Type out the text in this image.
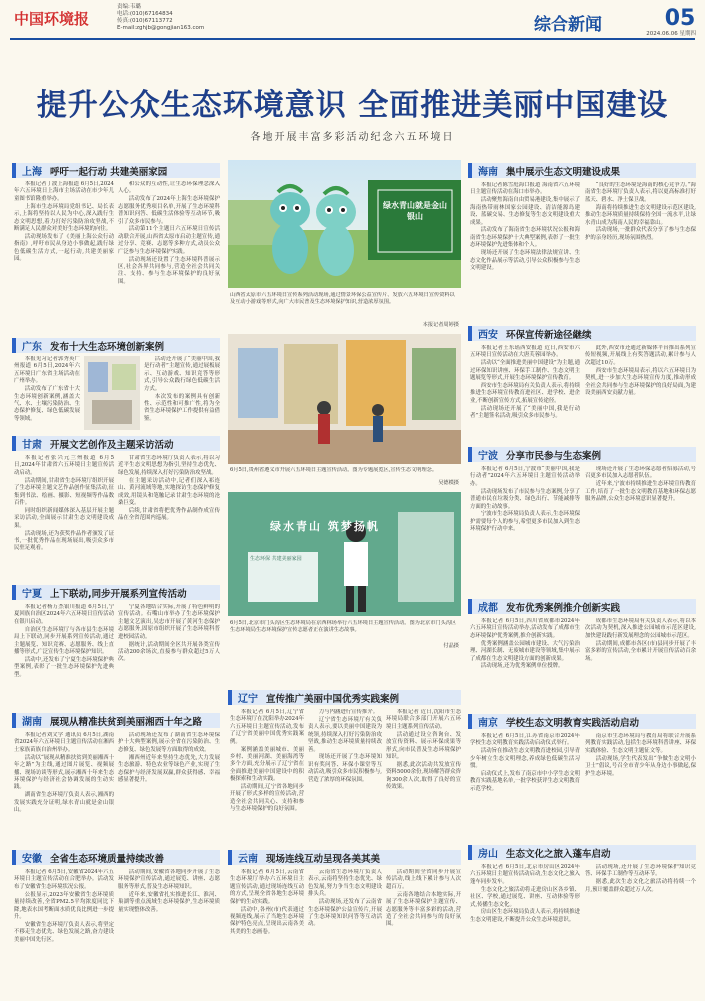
中国环境报
责编:韦璐
电话:(010)67164834
传真:(010)67113772
E-mail:zghjb@gongjian163.com	综合新闻	05
2024.06.06 星期四
提升公众生态环境意识 全面推进美丽中国建设
各地开展丰富多彩活动纪念六五环境日
上海 呼吁一起行动 共建美丽家园

本报记者丁波上海报道 6月5日,2024年六五环境日上海市主场活动在市少年儿童图书馆隆重举办。

上海市生态环境局党组书记、局长表示,上海将坚持以人民为中心,深入践行生态文明思想,着力打好污染防治攻坚战,不断满足人民群众对美好生态环境的向往。

活动现场发布了《美丽上海公众行动指南》,呼吁市民从身边小事做起,践行绿色低碳生活方式,一起行动,共建美丽家园。

和公众的互动性,让生态环保理念深入人心。

活动发布了2024年上海生态环境保护志愿服务优秀项目名单,开展了生态环境科普知识问答、低碳生活体验等互动环节,吸引了众多市民参与。

活动第11个主题日六五环境日宣传活动联合开展,山西省太原市启动主题宣传,通过分享、竞赛、志愿等多种方式,动员公众广泛参与生态环境保护实践。

活动现场还设置了生态环境科普展示区,社会各界共同参与,营造全社会共同关注、支持、参与生态环境保护的良好氛围。

广东 发布十大生态环境创新案例

本报见习记者郭秀英广州报道 6月5日,2024年六五环境日广东省主场活动在广州举办。

活动发布了广东省十大生态环境创新案例,涵盖大气、水、土壤污染防治、生态保护修复、绿色低碳发展等领域。

活动还开展了“美丽中国,我是行动者”主题宣传,通过展板展示、互动游戏、知识竞答等形式,引导公众践行绿色低碳生活方式。

本次发布的案例具有创新性、示范性和可推广性,将为全省生态环境保护工作提供有益借鉴。

甘肃 开展文艺创作及主题采访活动

本报记者张兴元兰州报道 6月5日,2024年甘肃省六五环境日主题宣传活动启动。

活动期间,甘肃省生态环境厅组织开展了生态环境主题文艺作品创作征集活动,征集到书法、绘画、摄影、短视频等作品数百件。

同时组织新闻媒体深入基层开展主题采访活动,全面展示甘肃生态文明建设成果。

活动现场,还为获奖作品作者颁发了证书,一批优秀作品在现场展出,吸引众多市民驻足观看。

甘肃省生态环境厅负责人表示,将以习近平生态文明思想为指引,坚持生态优先、绿色发展,持续深入打好污染防治攻坚战。

在主题采访活动中,记者们深入祁连山、黄河流域等地,实地探访生态保护修复成效,用镜头和笔触记录甘肃生态环境的沧桑巨变。

后续,甘肃省将把优秀作品制作成宣传品在全省范围内巡展。

宁夏 上下联动,同步开展系列宣传活动

本报记者杨万杰银川报道 6月5日,宁夏回族自治区2024年六五环境日宣传活动在银川启动。

自治区生态环境厅与各市县生态环境局上下联动,同步开展系列宣传活动,通过主题展览、知识竞赛、志愿服务、线上直播等形式,广泛宣传生态环境保护知识。

活动中,还发布了宁夏生态环境保护典型案例,表彰了一批生态环境保护先进典型。

宁夏各地结合实际,开展了特色鲜明的宣传活动。石嘴山市举办了生态环境保护主题文艺演出,吴忠市开展了黄河生态保护志愿服务,固原市组织开展了生态环境科普进校园活动。

据统计,活动期间全区共开展各类宣传活动200余场次,直接参与群众超过5万人次。

湖南 展现从精准扶贫到美丽湘西十年之路

本报记者刘文学 通讯员 6月5日,湖南省2024年六五环境日主题宣传活动在湘西土家族苗族自治州举办。

活动以“展现从精准扶贫到美丽湘西十年之路”为主线,通过图片展览、视频展播、现场访谈等形式,展示湘西十年来生态环境保护与经济社会协调发展的生动实践。

湖南省生态环境厅负责人表示,湘西的发展实践充分证明,绿水青山就是金山银山。

活动现场还发布了湖南省生态环境保护十大典型案例,展示全省在污染防治、生态修复、绿色发展等方面取得的成效。

湘西州近年来坚持生态优先,大力发展生态旅游、特色农业等绿色产业,实现了生态保护与经济发展双赢,群众获得感、幸福感显著提升。

安徽 全省生态环境质量持续改善

本报记者 6月5日,安徽省2024年六五环境日主题宣传活动在合肥举办。活动发布了安徽省生态环境状况公报。

公报显示,2023年安徽省生态环境质量持续改善,全省PM2.5平均浓度同比下降,地表水国考断面水质优良比例进一步提升。

安徽省生态环境厅负责人表示,将坚定不移走生态优先、绿色发展之路,奋力建设美丽中国先行区。

活动期间,安徽省各地同步开展了生态环境保护宣传活动,通过展览、讲座、志愿服务等形式,普及生态环境知识。

近年来,安徽省扎实推进长江、淮河、巢湖等重点流域生态环境保护,生态环境质量实现整体改善。

绿水青山就是金山银山
山西省太原市六五环境日宣传系列活动现场,通过情景环保公益宣传片、发放六五环境日宣传资料以及互动小游戏等形式,向广大市民普及生态环境保护知识,营造浓厚氛围。
本报记者周婷摄
6月5日,贵州省遵义市开展六五环境日主题宣传活动。图为专题展览区,宣传生态文明理念。
吴德模摄
绿水青山 筑梦扬帆
生态环保 共建美丽家园
6月5日,北京市门头沟区生态环境局在京西林场举行六五环境日主题宣传活动。图为北京市门头沟区生态环境局生态环境保护宣传志愿者正在演讲生态故事。
付晶摄
辽宁 宣传推广美丽中国优秀实践案例

本报记者 6月5日,辽宁省生态环境厅在沈阳举办2024年六五环境日主题宣传活动,发布了辽宁省美丽中国优秀实践案例。

案例涵盖美丽城市、美丽乡村、美丽河湖、美丽海湾等多个方面,充分展示了辽宁省在全面推进美丽中国建设中的积极探索和生动实践。

活动期间,辽宁省各地同步开展了形式多样的宣传活动,营造全社会共同关心、支持和参与生态环境保护的良好氛围。

力与内涵进行宣传推介。

辽宁省生态环境厅有关负责人表示,要以美丽中国建设为统领,持续深入打好污染防治攻坚战,推动生态环境质量持续改善。

现场还开展了生态环境知识有奖问答、环保小课堂等互动活动,吸引众多市民积极参与,营造了浓厚的环保氛围。

本报记者 近日,沈阳市生态环境局联合多部门开展六五环境日主题系列宣传活动。

活动通过设立咨询台、发放宣传资料、展示环保成果等形式,向市民普及生态环境保护知识。

据悉,此次活动共发放宣传资料5000余份,现场解答群众咨询300余人次,取得了良好的宣传效果。

云南 现场连线互动呈现各美其美

本报记者 6月5日,云南省生态环境厅举办六五环境日主题宣传活动,通过现场连线互动的方式,呈现全省各地生态环境保护的生动实践。

活动中,各州(市)代表通过视频连线,展示了当地生态环境保护特色亮点,呈现出云南各美其美的生态画卷。

云南省生态环境厅负责人表示,云南将坚持生态优先、绿色发展,努力争当生态文明建设排头兵。

活动现场,还发布了云南省生态环境保护公益宣传片,开展了生态环境知识问答等互动活动。

活动期间全省同步开展宣传活动,线上线下累计参与人次超百万。

云南各地结合本地实际,开展了生态环境保护主题宣传、志愿服务等丰富多彩的活动,营造了全社会共同参与的良好氛围。

海南 集中展示生态文明建设成果

本报记者陈雪庭海口报道 海南省六五环境日主题宣传活动在海口市举办。

活动聚焦海南自由贸易港建设,集中展示了海南热带雨林国家公园建设、清洁能源岛建设、蓝碳交易、生态修复等生态文明建设重大成果。

活动发布了海南省生态环境状况公报和海南省生态环境保护十大典型案例,表彰了一批生态环境保护先进集体和个人。

现场还开展了生态环境法律法规宣讲、生态文化作品展示等活动,引导公众积极参与生态文明建设。

“良好的生态环境是海南的核心竞争力。”海南省生态环境厅负责人表示,将以更高标准打好蓝天、碧水、净土保卫战。

海南将持续推进生态文明建设示范区建设,推动生态环境质量持续保持全国一流水平,让绿水青山成为海南人民的幸福靠山。

活动现场,一批群众代表分享了参与生态保护的亲身经历,现场氛围热烈。

西安 环保宣传新途径継续

本报记者王东瑶西安报道 近日,西安市六五环境日宣传活动在大唐芙蓉园举办。

活动以“全面推进美丽中国建设”为主题,通过环保知识讲座、环保手工制作、生态文明主题展览等形式,开展生态环境保护宣传教育。

西安市生态环境局有关负责人表示,将持续推进生态环境宣传教育进社区、进学校、进企业,不断创新宣传方式,拓展宣传途径。

活动现场还开展了“美丽中国,我是行动者”主题签名活动,吸引众多市民参与。

此外,西安市还通过新媒体平台推出系列宣传短视频,开展线上有奖答题活动,累计参与人次超过10万。

西安市生态环境局表示,将以六五环境日为契机,进一步加大生态环境宣传力度,推动形成全社会共同参与生态环境保护的良好局面,为建设美丽西安贡献力量。

宁波 分享市民参与生态案例

本报记者 6月5日,宁波市“美丽中国,我是行动者”2024年六五环境日主题宣传活动举办。

活动现场发布了市民参与生态案例,分享了普通市民在垃圾分类、绿色出行、节能减排等方面的生动故事。

宁波市生态环境局负责人表示,生态环境保护需要每个人的参与,希望更多市民加入到生态环境保护行动中来。

现场还开展了生态环保志愿者招募活动,号召更多市民加入志愿者队伍。

近年来,宁波市持续推进生态环境宣传教育工作,培育了一批生态文明教育基地和环保志愿服务品牌,公众生态环境意识显著提升。

成都 发布优秀案例推介创新实践

本报记者 6月5日,四川省成都市2024年六五环境日宣传活动举办,活动发布了成都市生态环境保护优秀案例,推介创新实践。

优秀案例涵盖公园城市建设、大气污染治理、河湖长制、无废城市建设等领域,集中展示了成都在生态文明建设方面的创新成果。

活动现场,还为优秀案例单位授牌。

成都市生态环境局有关负责人表示,将以本次活动为契机,深入推进公园城市示范区建设,加快建设践行新发展理念的公园城市示范区。

活动期间,成都市各区(市)县同步开展了丰富多彩的宣传活动,全市累计开展宣传活动百余场。

南京 学校生态文明教育实践活动启动

本报记者 6月5日,江苏省南京市2024年学校生态文明教育实践活动启动仪式举行。

活动旨在推动生态文明教育进校园,引导青少年树立生态文明理念,养成绿色低碳生活习惯。

启动仪式上,发布了南京市中小学生态文明教育实践基地名单,一批学校获评生态文明教育示范学校。

南京市生态环境局与教育局将联合开展系列教育实践活动,包括生态环境科普讲座、环保实践体验、生态文明主题征文等。

活动现场,学生代表发出“争做生态文明小卫士”倡议,号召全市青少年从身边小事做起,保护生态环境。

房山 生态文化之旅入蓬车启动

本报记者 6月5日,北京市房山区2024年六五环境日主题宣传活动启动,生态文化之旅入蓬车同步发车。

生态文化之旅活动将走进房山区各乡镇、社区、学校,通过展览、讲座、互动体验等形式,传播生态文化。

房山区生态环境局负责人表示,将持续推进生态文明建设,不断提升公众生态环境意识。

活动现场,还开展了生态环境保护知识竞答、环保手工制作等互动环节。

据悉,此次生态文化之旅活动将持续一个月,预计覆盖群众超过万人次。
